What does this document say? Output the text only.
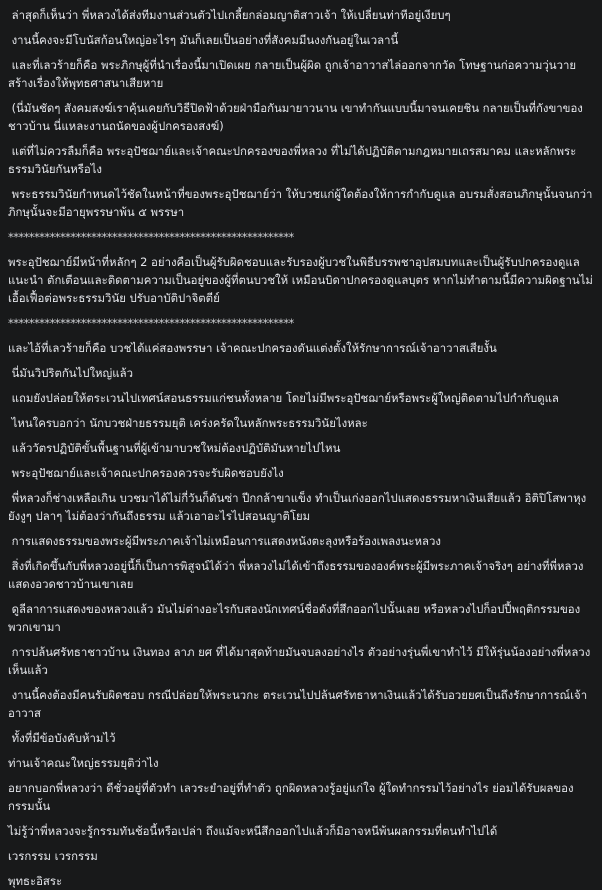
ล่าสุดก็เห็นว่า พี่หลวงได้ส่งทีมงานส่วนตัวไปเกลี้ยกล่อมญาติสาวเจ้า ให้เปลี่ยนท่าทีอยู่เงียบๆ

งานนี้คงจะมีโบนัสก้อนใหญ่อะไรๆ มันก็เลยเป็นอย่างที่สังคมมีนงงกันอยู่ในเวลานี้

และที่เลวร้ายก็คือ พระภิกษุผู้ที่นำเรื่องนี้มาเปิดเผย กลายเป็นผู้ผิด ถูกเจ้าอาวาสไล่ออกจากวัด โทษฐานก่อความวุ่นวาย สร้างเรื่องให้พุทธศาสนาเสียหาย

(นี่มันชัดๆ สังคมสงฆ์เราคุ้นเคยกับวิธีปิดฟ้าด้วยฝ่ามือกันมายาวนาน เขาทำกันแบบนี้มาจนเคยชิน กลายเป็นที่กังขาของชาวบ้าน นี่แหละงานถนัดของผู้ปกครองสงฆ์)

แต่ที่ไม่ควรลืมก็คือ พระอุปัชฌาย์และเจ้าคณะปกครองของพี่หลวง ที่ไม่ได้ปฏิบัติตามกฎหมายเถรสมาคม และหลักพระธรรมวินัยกันหรือไง

พระธรรมวินัยกำหนดไว้ชัดในหน้าที่ของพระอุปัชฌาย์ว่า ให้บวชแก่ผู้ใดต้องให้การกำกับดูแล อบรมสั่งสอนภิกษุนั้นจนกว่าภิกษุนั้นจะมีอายุพรรษาพ้น ๕ พรรษา

*******************************************************

พระอุปัชฌาย์มีหน้าที่หลักๆ 2 อย่างคือเป็นผู้รับผิดชอบและรับรองผู้บวชในพิธีบรรพชาอุปสมบทและเป็นผู้รับปกครองดูแล แนะนำ ตักเตือนและติดตามความเป็นอยู่ของผู้ที่ตนบวชให้ เหมือนบิดาปกครองดูแลบุตร หากไม่ทำตามนี้มีความผิดฐานไม่เอื้อเฟื้อต่อพระธรรมวินัย ปรับอาบัติปาจิตตีย์

*******************************************************

และไอ้ที่เลวร้ายก็คือ บวชได้แค่สองพรรษา เจ้าคณะปกครองดันแต่งตั้งให้รักษาการณ์เจ้าอาวาสเสียงั้น

นี่มันวิปริตกันไปใหญ่แล้ว

แถมยังปล่อยให้ตระเวนไปเทศน์สอนธรรมแก่ชนทั้งหลาย โดยไม่มีพระอุปัชฌาย์หรือพระผู้ใหญ่ติดตามไปกำกับดูแล

ไหนใครบอกว่า นักบวชฝ่ายธรรมยุติ เคร่งครัดในหลักพระธรรมวินัยไงหละ

แล้ววัตรปฏิบัติขั้นพื้นฐานที่ผู้เข้ามาบวชใหม่ต้องปฏิบัติมันหายไปไหน

พระอุปัชฌาย์และเจ้าคณะปกครองควรจะรับผิดชอบยังไง

พี่หลวงก็ช่างเหลือเกิน บวชมาได้ไม่กี่วันก็ดันซ่า ปีกกล้าขาแข็ง ทำเป็นเก่งออกไปแสดงธรรมหาเงินเสียแล้ว อิติปิโสพาหุง ยังงูๆ ปลาๆ ไม่ต้องว่ากันถึงธรรม แล้วเอาอะไรไปสอนญาติโยม

การแสดงธรรมของพระผู้มีพระภาคเจ้าไม่เหมือนการแสดงหนังตะลุงหรือร้องเพลงนะหลวง

สิ่งที่เกิดขึ้นกับพี่หลวงอยู่นี้ก็เป็นการพิสูจน์ได้ว่า พี่หลวงไม่ได้เข้าถึงธรรมขององค์พระผู้มีพระภาคเจ้าจริงๆ อย่างที่พี่หลวงแสดงอวดชาวบ้านเขาเลย

ดูลีลาการแสดงของหลวงแล้ว มันไม่ต่างอะไรกับสองนักเทศน์ชื่อดังที่สึกออกไปนั้นเลย หรือหลวงไปก็อปปี้พฤติกรรมของพวกเขามา

การปล้นศรัทธาชาวบ้าน เงินทอง ลาภ ยศ ที่ได้มาสุดท้ายมันจบลงอย่างไร ตัวอย่างรุ่นพี่เขาทำไว้ มีให้รุ่นน้องอย่างพี่หลวงเห็นแล้ว

งานนี้คงต้องมีคนรับผิดชอบ กรณีปล่อยให้พระนวกะ ตระเวนไปปล้นศรัทธาหาเงินแล้วได้รับอวยยศเป็นถึงรักษาการณ์เจ้าอาวาส

ทั้งที่มีข้อบังคับห้ามไว้

ท่านเจ้าคณะใหญ่ธรรมยุติว่าไง

อยากบอกพี่หลวงว่า ดีชั่วอยู่ที่ตัวทำ เลวระยำอยู่ที่ทำตัว ถูกผิดหลวงรู้อยู่แก่ใจ ผู้ใดทำกรรมไว้อย่างไร ย่อมได้รับผลของกรรมนั้น

ไม่รู้ว่าพี่หลวงจะรู้กรรมทันช้อนี้หรือเปล่า ถึงแม้จะหนีสึกออกไปแล้วก็มิอาจหนีพ้นผลกรรมที่ตนทำไปได้

เวรกรรม เวรกรรม

พุทธะอิสระ
